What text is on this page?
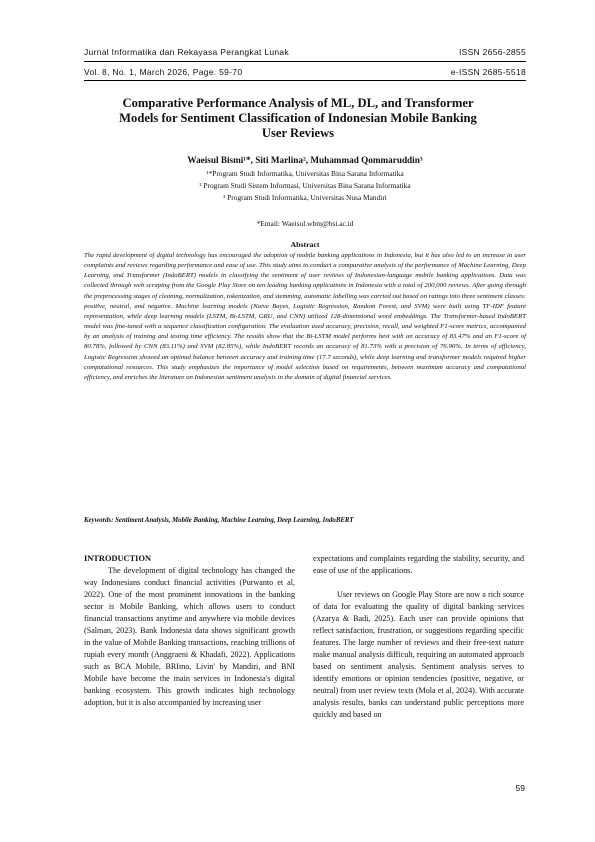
Jurnal Informatika dan Rekayasa Perangkat Lunak	ISSN 2656-2855
Vol. 8, No. 1, March 2026, Page. 59-70	e-ISSN 2685-5518
Comparative Performance Analysis of ML, DL, and Transformer Models for Sentiment Classification of Indonesian Mobile Banking User Reviews
Waeisul Bismi¹*, Siti Marlina², Muhammad Qommaruddin³
¹*Program Studi Informatika, Universitas Bina Sarana Informatika
² Program Studi Sistem Informasi, Universitas Bina Sarana Informatika
³ Program Studi Informatika, Universitas Nusa Mandiri
*Email: Waeisul.wbm@bsi.ac.id
Abstract

The rapid development of digital technology has encouraged the adoption of mobile banking applications in Indonesia, but it has also led to an increase in user complaints and reviews regarding performance and ease of use. This study aims to conduct a comparative analysis of the performance of Machine Learning, Deep Learning, and Transformer (IndoBERT) models in classifying the sentiment of user reviews of Indonesian-language mobile banking applications. Data was collected through web scraping from the Google Play Store on ten leading banking applications in Indonesia with a total of 200,000 reviews. After going through the preprocessing stages of cleaning, normalization, tokenization, and stemming, automatic labelling was carried out based on ratings into three sentiment classes: positive, neutral, and negative. Machine learning models (Naive Bayes, Logistic Regression, Random Forest, and SVM) were built using TF-IDF feature representation, while deep learning models (LSTM, Bi-LSTM, GRU, and CNN) utilized 128-dimensional word embeddings. The Transformer-based IndoBERT model was fine-tuned with a sequence classification configuration. The evaluation used accuracy, precision, recall, and weighted F1-score metrics, accompanied by an analysis of training and testing time efficiency. The results show that the Bi-LSTM model performs best with an accuracy of 83.47% and an F1-score of 80.78%, followed by CNN (83.11%) and SVM (82.85%), while IndoBERT records an accuracy of 81.73% with a precision of 76.96%. In terms of efficiency, Logistic Regression showed an optimal balance between accuracy and training time (17.7 seconds), while deep learning and transformer models required higher computational resources. This study emphasizes the importance of model selection based on requirements, between maximum accuracy and computational efficiency, and enriches the literature on Indonesian sentiment analysis in the domain of digital financial services.

Keywords: Sentiment Analysis, Mobile Banking, Machine Learning, Deep Learning, IndoBERT

INTRODUCTION

The development of digital technology has changed the way Indonesians conduct financial activities (Purwanto et al, 2022). One of the most prominent innovations in the banking sector is Mobile Banking, which allows users to conduct financial transactions anytime and anywhere via mobile devices (Salman, 2023). Bank Indonesia data shows significant growth in the value of Mobile Banking transactions, reaching trillions of rupiah every month (Anggraeni & Khadafi, 2022). Applications such as BCA Mobile, BRImo, Livin' by Mandiri, and BNI Mobile have become the main services in Indonesia's digital banking ecosystem. This growth indicates high technology adoption, but it is also accompanied by increasing user

expectations and complaints regarding the stability, security, and ease of use of the applications.

User reviews on Google Play Store are now a rich source of data for evaluating the quality of digital banking services (Azarya & Badi, 2025). Each user can provide opinions that reflect satisfaction, frustration, or suggestions regarding specific features. The large number of reviews and their free-text nature make manual analysis difficult, requiring an automated approach based on sentiment analysis. Sentiment analysis serves to identify emotions or opinion tendencies (positive, negative, or neutral) from user review texts (Mola et al, 2024). With accurate analysis results, banks can understand public perceptions more quickly and based on

59
